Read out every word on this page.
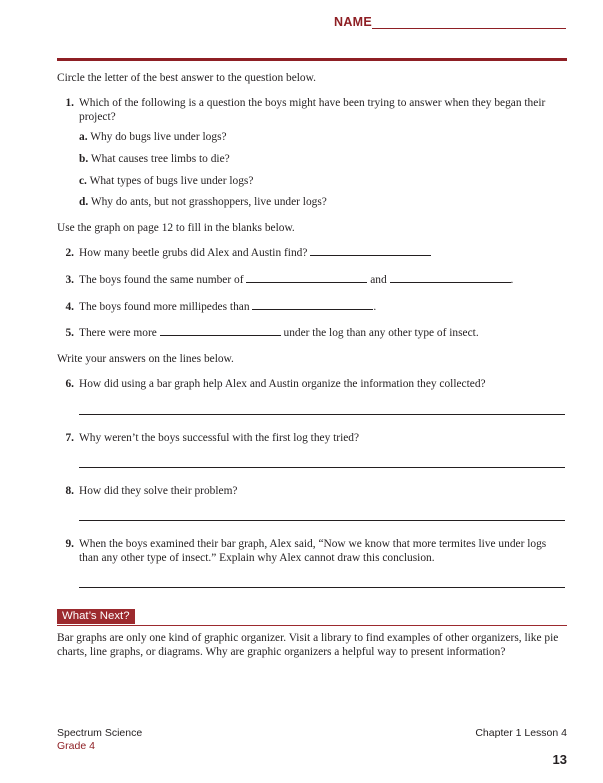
NAME
Circle the letter of the best answer to the question below.
1. Which of the following is a question the boys might have been trying to answer when they began their project?
a. Why do bugs live under logs?
b. What causes tree limbs to die?
c. What types of bugs live under logs?
d. Why do ants, but not grasshoppers, live under logs?
Use the graph on page 12 to fill in the blanks below.
2. How many beetle grubs did Alex and Austin find?
3. The boys found the same number of	and	.
4. The boys found more millipedes than	.
5. There were more	under the log than any other type of insect.
Write your answers on the lines below.
6. How did using a bar graph help Alex and Austin organize the information they collected?
7. Why weren’t the boys successful with the first log they tried?
8. How did they solve their problem?
9. When the boys examined their bar graph, Alex said, “Now we know that more termites live under logs than any other type of insect.” Explain why Alex cannot draw this conclusion.
What’s Next?
Bar graphs are only one kind of graphic organizer. Visit a library to find examples of other organizers, like pie charts, line graphs, or diagrams. Why are graphic organizers a helpful way to present information?
Spectrum Science
Grade 4
Chapter 1 Lesson 4
13
